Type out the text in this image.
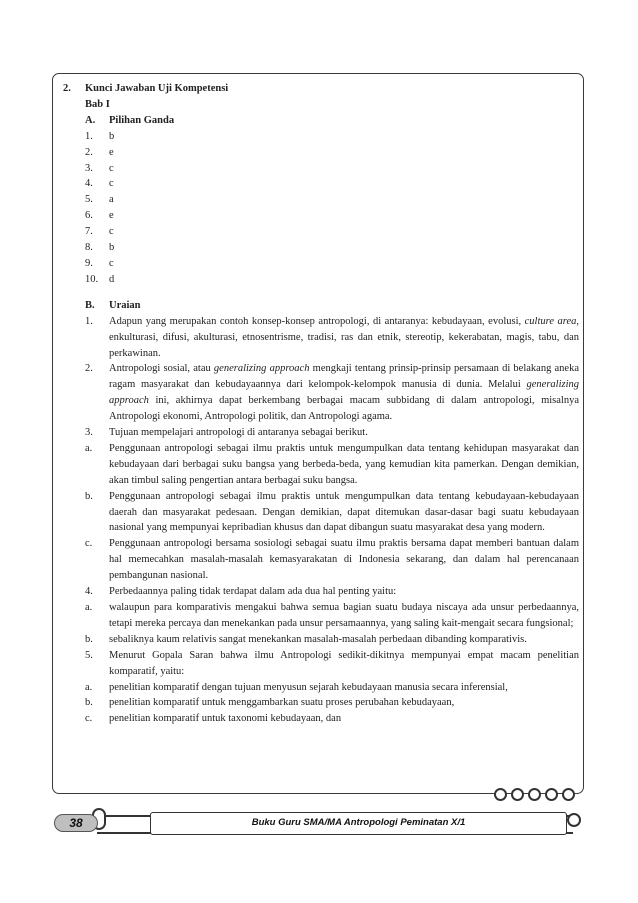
2.	Kunci Jawaban Uji Kompetensi
Bab I
A.	Pilihan Ganda
1.	b
2.	e
3.	c
4.	c
5.	a
6.	e
7.	c
8.	b
9.	c
10.	d
B.	Uraian
1.	Adapun yang merupakan contoh konsep-konsep antropologi, di antaranya: kebudayaan, evolusi, culture area, enkulturasi, difusi, akulturasi, etnosentrisme, tradisi, ras dan etnik, stereotip, kekerabatan, magis, tabu, dan perkawinan.
2.	Antropologi sosial, atau generalizing approach mengkaji tentang prinsip-prinsip persamaan di belakang aneka ragam masyarakat dan kebudayaannya dari kelompok-kelompok manusia di dunia. Melalui generalizing approach ini, akhirnya dapat berkembang berbagai macam subbidang di dalam antropologi, misalnya Antropologi ekonomi, Antropologi politik, dan Antropologi agama.
3.	Tujuan mempelajari antropologi di antaranya sebagai berikut.
a.	Penggunaan antropologi sebagai ilmu praktis untuk mengumpulkan data tentang kehidupan masyarakat dan kebudayaan dari berbagai suku bangsa yang berbeda-beda, yang kemudian kita pamerkan. Dengan demikian, akan timbul saling pengertian antara berbagai suku bangsa.
b.	Penggunaan antropologi sebagai ilmu praktis untuk mengumpulkan data tentang kebudayaan-kebudayaan daerah dan masyarakat pedesaan. Dengan demikian, dapat ditemukan dasar-dasar bagi suatu kebudayaan nasional yang mempunyai kepribadian khusus dan dapat dibangun suatu masyarakat desa yang modern.
c.	Penggunaan antropologi bersama sosiologi sebagai suatu ilmu praktis bersama dapat memberi bantuan dalam hal memecahkan masalah-masalah kemasyarakatan di Indonesia sekarang, dan dalam hal perencanaan pembangunan nasional.
4.	Perbedaannya paling tidak terdapat dalam ada dua hal penting yaitu:
a.	walaupun para komparativis mengakui bahwa semua bagian suatu budaya niscaya ada unsur perbedaannya, tetapi mereka percaya dan menekankan pada unsur persamaannya, yang saling kait-mengait secara fungsional;
b.	sebaliknya kaum relativis sangat menekankan masalah-masalah perbedaan dibanding komparativis.
5.	Menurut Gopala Saran bahwa ilmu Antropologi sedikit-dikitnya mempunyai empat macam penelitian komparatif, yaitu:
a.	penelitian komparatif dengan tujuan menyusun sejarah kebudayaan manusia secara inferensial,
b.	penelitian komparatif untuk menggambarkan suatu proses perubahan kebudayaan,
c.	penelitian komparatif untuk taxonomi kebudayaan, dan
38	Buku Guru SMA/MA Antropologi Peminatan X/1
